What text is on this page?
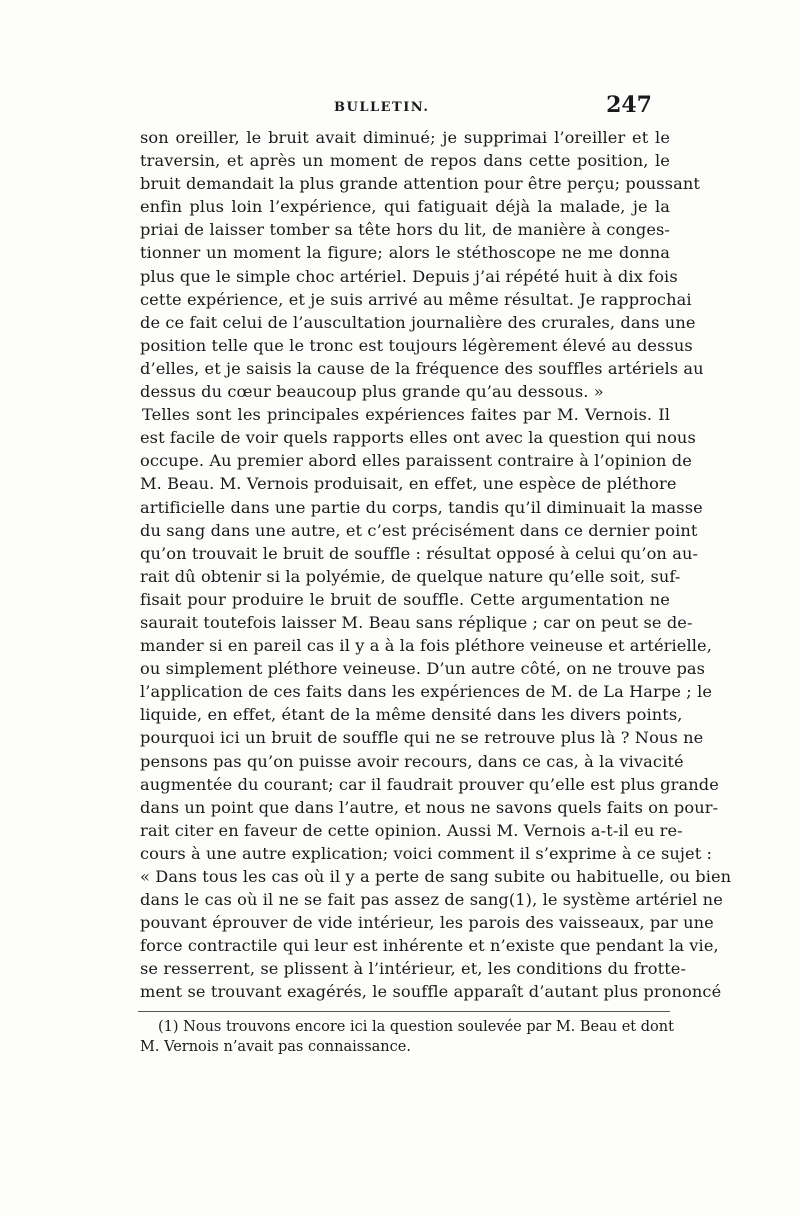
BULLETIN.	247
son oreiller, le bruit avait diminué; je supprimai l’oreiller et le
traversin, et après un moment de repos dans cette position, le
bruit demandait la plus grande attention pour être perçu; poussant
enfin plus loin l’expérience, qui fatiguait déjà la malade, je la
priai de laisser tomber sa tête hors du lit, de manière à conges-
tionner un moment la figure; alors le stéthoscope ne me donna
plus que le simple choc artériel. Depuis j’ai répété huit à dix fois
cette expérience, et je suis arrivé au même résultat. Je rapprochai
de ce fait celui de l’auscultation journalière des crurales, dans une
position telle que le tronc est toujours légèrement élevé au dessus
d’elles, et je saisis la cause de la fréquence des souffles artériels au
dessus du cœur beaucoup plus grande qu’au dessous. »
Telles sont les principales expériences faites par M. Vernois. Il
est facile de voir quels rapports elles ont avec la question qui nous
occupe. Au premier abord elles paraissent contraire à l’opinion de
M. Beau. M. Vernois produisait, en effet, une espèce de pléthore
artificielle dans une partie du corps, tandis qu’il diminuait la masse
du sang dans une autre, et c’est précisément dans ce dernier point
qu’on trouvait le bruit de souffle : résultat opposé à celui qu’on au-
rait dû obtenir si la polyémie, de quelque nature qu’elle soit, suf-
fisait pour produire le bruit de souffle. Cette argumentation ne
saurait toutefois laisser M. Beau sans réplique ; car on peut se de-
mander si en pareil cas il y a à la fois pléthore veineuse et artérielle,
ou simplement pléthore veineuse. D’un autre côté, on ne trouve pas
l’application de ces faits dans les expériences de M. de La Harpe ; le
liquide, en effet, étant de la même densité dans les divers points,
pourquoi ici un bruit de souffle qui ne se retrouve plus là ? Nous ne
pensons pas qu’on puisse avoir recours, dans ce cas, à la vivacité
augmentée du courant; car il faudrait prouver qu’elle est plus grande
dans un point que dans l’autre, et nous ne savons quels faits on pour-
rait citer en faveur de cette opinion. Aussi M. Vernois a-t-il eu re-
cours à une autre explication; voici comment il s’exprime à ce sujet :
« Dans tous les cas où il y a perte de sang subite ou habituelle, ou bien
dans le cas où il ne se fait pas assez de sang(1), le système artériel ne
pouvant éprouver de vide intérieur, les parois des vaisseaux, par une
force contractile qui leur est inhérente et n’existe que pendant la vie,
se resserrent, se plissent à l’intérieur, et, les conditions du frotte-
ment se trouvant exagérés, le souffle apparaît d’autant plus prononcé
(1) Nous trouvons encore ici la question soulevée par M. Beau et dont
M. Vernois n’avait pas connaissance.
